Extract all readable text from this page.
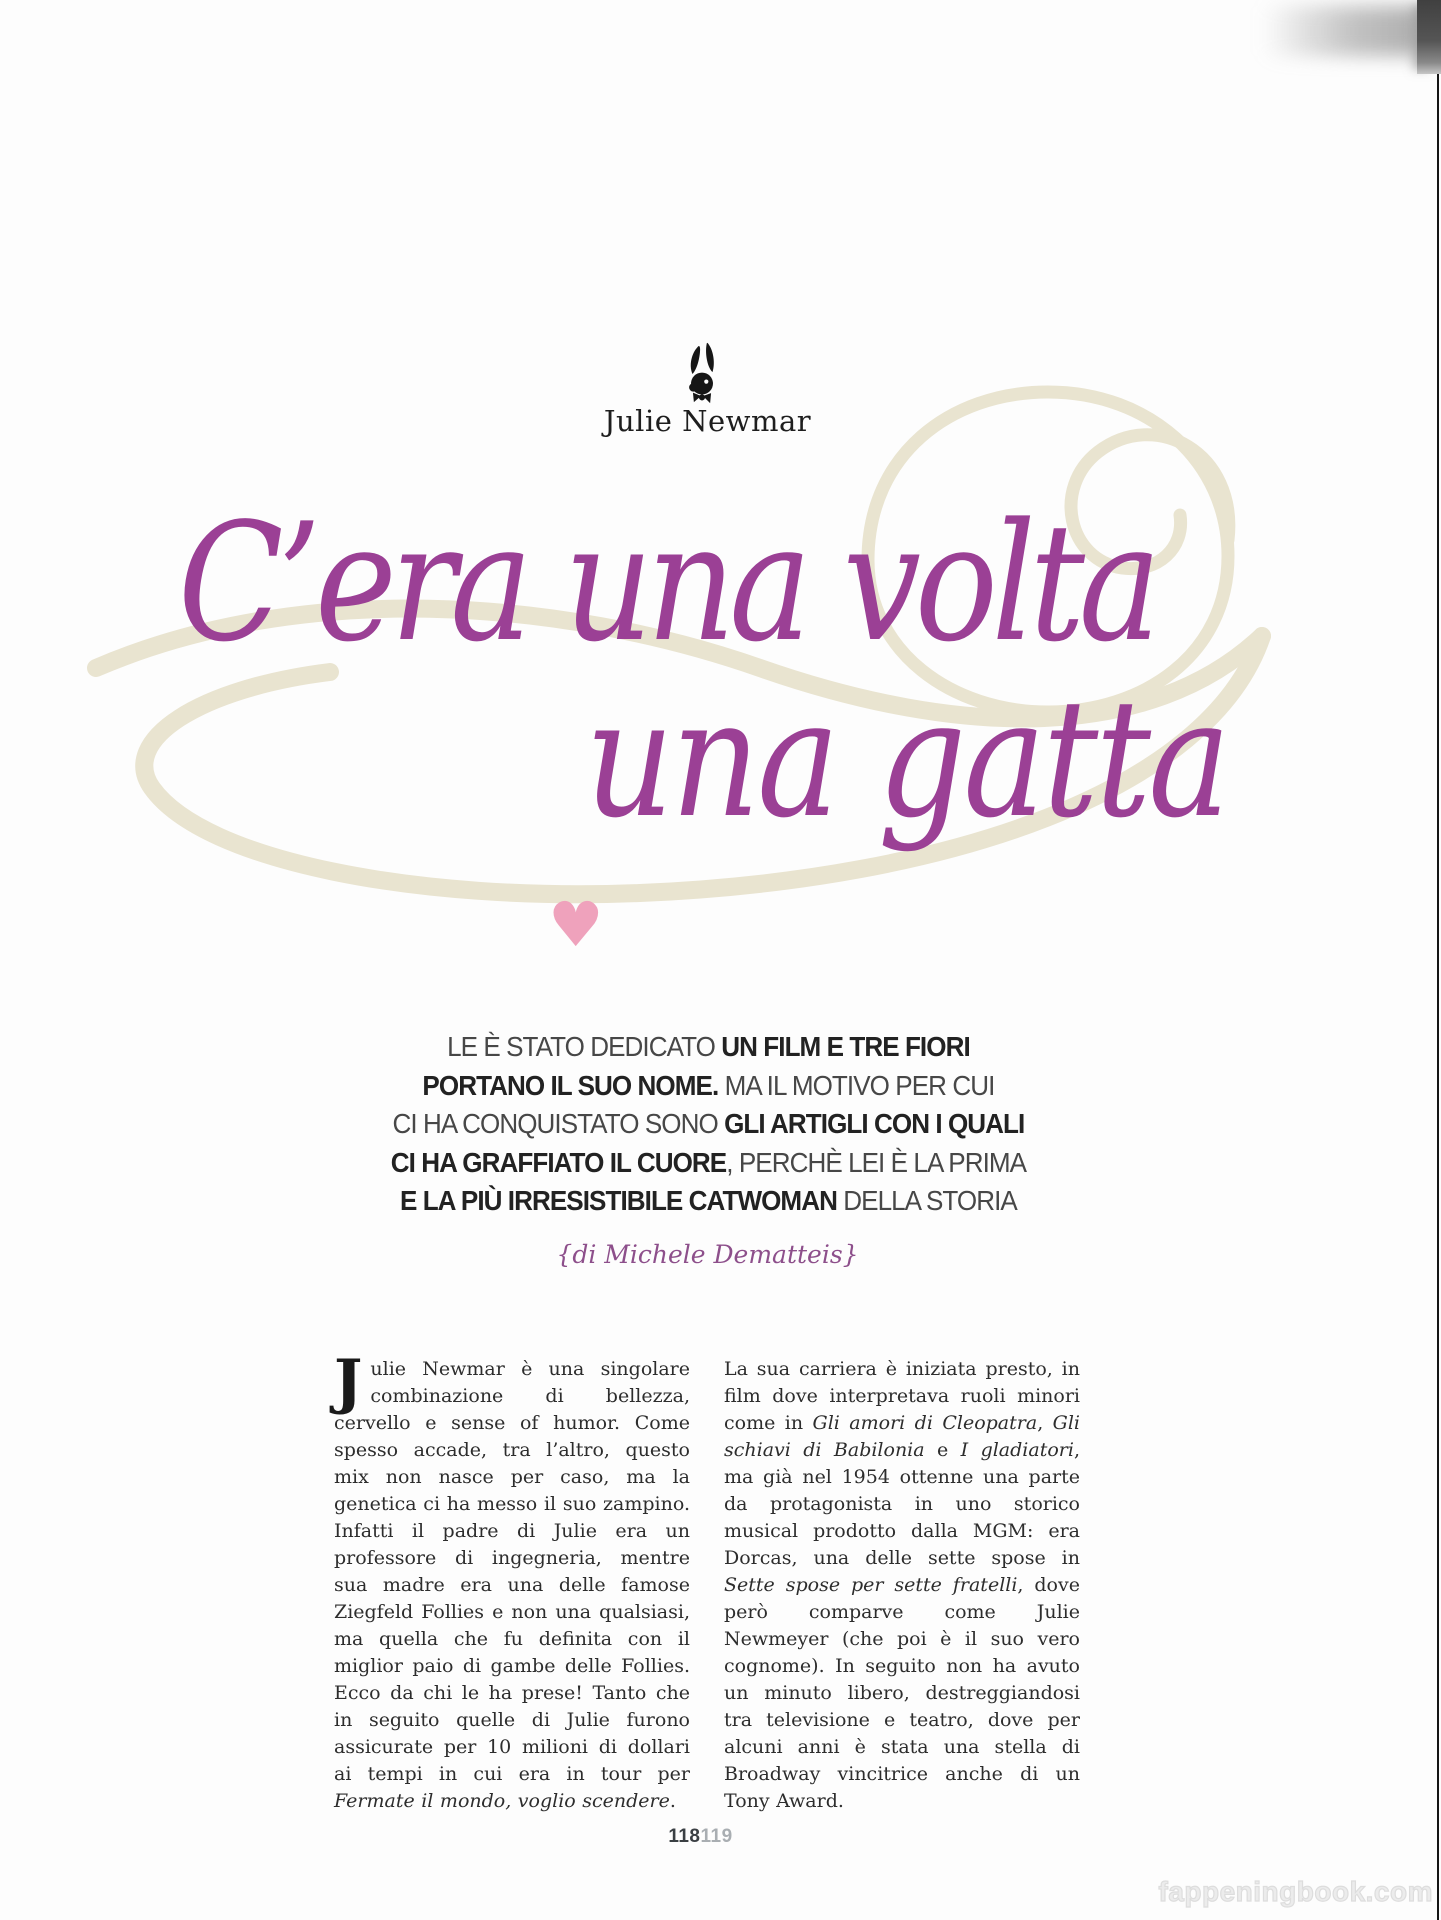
Julie Newmar
C’era una volta
una gatta
♥
LE È STATO DEDICATO UN FILM E TRE FIORI
PORTANO IL SUO NOME. MA IL MOTIVO PER CUI
CI HA CONQUISTATO SONO GLI ARTIGLI CON I QUALI
CI HA GRAFFIATO IL CUORE, PERCHÈ LEI È LA PRIMA
E LA PIÙ IRRESISTIBILE CATWOMAN DELLA STORIA
{di Michele Dematteis}
Julie Newmar è una singolare combinazione di bellezza, cervello e sense of humor. Come spesso accade, tra l’altro, questo mix non nasce per caso, ma la genetica ci ha messo il suo zampino. Infatti il padre di Julie era un professore di ingegneria, mentre sua madre era una delle famose Ziegfeld Follies e non una qualsiasi, ma quella che fu definita con il miglior paio di gambe delle Follies. Ecco da chi le ha prese! Tanto che in seguito quelle di Julie furono assicurate per 10 milioni di dollari ai tempi in cui era in tour per Fermate il mondo, voglio scendere.
La sua carriera è iniziata presto, in film dove interpretava ruoli minori come in Gli amori di Cleopatra, Gli schiavi di Babilonia e I gladiatori, ma già nel 1954 ottenne una parte da protagonista in uno storico musical prodotto dalla MGM: era Dorcas, una delle sette spose in Sette spose per sette fratelli, dove però comparve come Julie Newmeyer (che poi è il suo vero cognome). In seguito non ha avuto un minuto libero, destreggiandosi tra televisione e teatro, dove per alcuni anni è stata una stella di Broadway vincitrice anche di un Tony Award.
118119
fappeningbook.com
